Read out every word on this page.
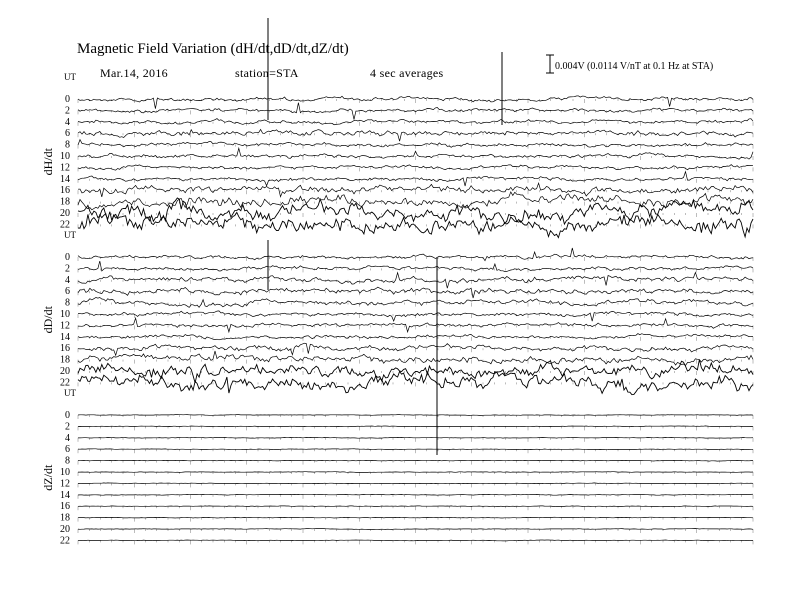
Magnetic Field Variation (dH/dt,dD/dt,dZ/dt)
Mar.14, 2016	station=STA	4 sec averages	0.004V (0.0114 V/nT at 0.1 Hz at STA)
UT
dH/dt
0
2
4
6
8
10
12
14
16
18
20
22
UT
dD/dt
0
2
4
6
8
10
12
14
16
18
20
22
UT
dZ/dt
0
2
4
6
8
10
12
14
16
18
20
22
